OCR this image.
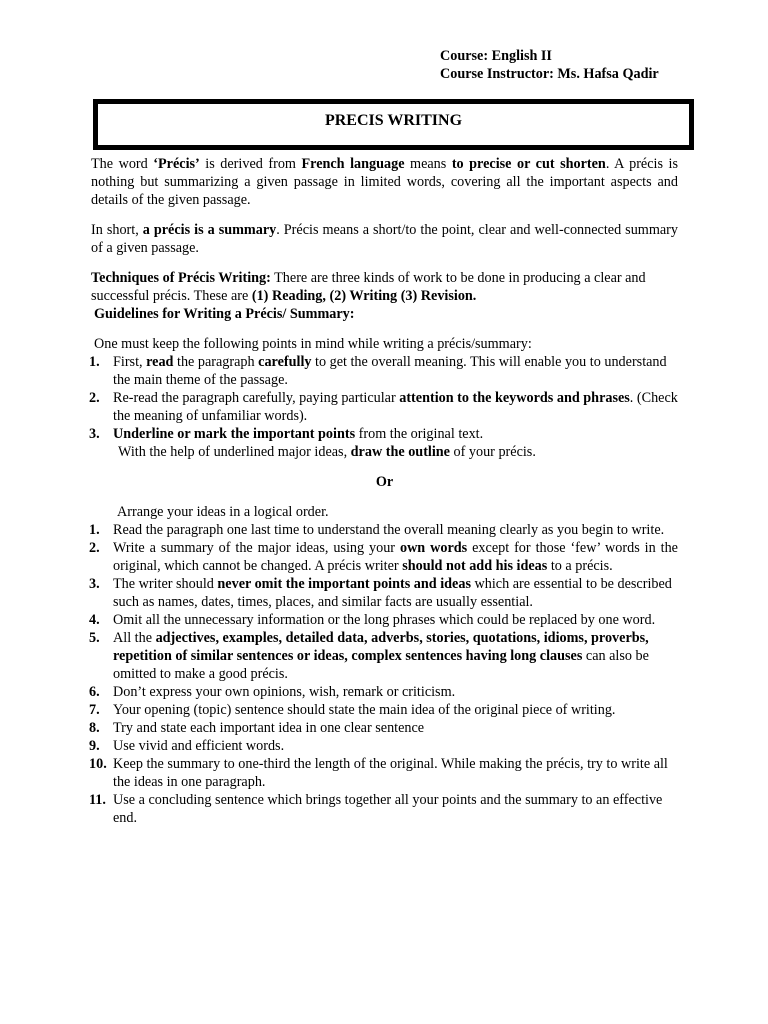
Course: English II
Course Instructor: Ms. Hafsa Qadir
PRECIS WRITING

The word ‘Précis’ is derived from French language means to precise or cut shorten. A précis is nothing but summarizing a given passage in limited words, covering all the important aspects and details of the given passage.

In short, a précis is a summary. Précis means a short/to the point, clear and well-connected summary of a given passage.

Techniques of Précis Writing: There are three kinds of work to be done in producing a clear and successful précis. These are (1) Reading, (2) Writing (3) Revision.

Guidelines for Writing a Précis/ Summary:

One must keep the following points in mind while writing a précis/summary:

1. First, read the paragraph carefully to get the overall meaning. This will enable you to understand the main theme of the passage.
2. Re-read the paragraph carefully, paying particular attention to the keywords and phrases. (Check the meaning of unfamiliar words).
3. Underline or mark the important points from the original text.
With the help of underlined major ideas, draw the outline of your précis.

Or

Arrange your ideas in a logical order.

1. Read the paragraph one last time to understand the overall meaning clearly as you begin to write.
2. Write a summary of the major ideas, using your own words except for those ‘few’ words in the original, which cannot be changed. A précis writer should not add his ideas to a précis.
3. The writer should never omit the important points and ideas which are essential to be described such as names, dates, times, places, and similar facts are usually essential.
4. Omit all the unnecessary information or the long phrases which could be replaced by one word.
5. All the adjectives, examples, detailed data, adverbs, stories, quotations, idioms, proverbs, repetition of similar sentences or ideas, complex sentences having long clauses can also be omitted to make a good précis.
6. Don’t express your own opinions, wish, remark or criticism.
7. Your opening (topic) sentence should state the main idea of the original piece of writing.
8. Try and state each important idea in one clear sentence
9. Use vivid and efficient words.
10. Keep the summary to one-third the length of the original. While making the précis, try to write all the ideas in one paragraph.
11. Use a concluding sentence which brings together all your points and the summary to an effective end.
